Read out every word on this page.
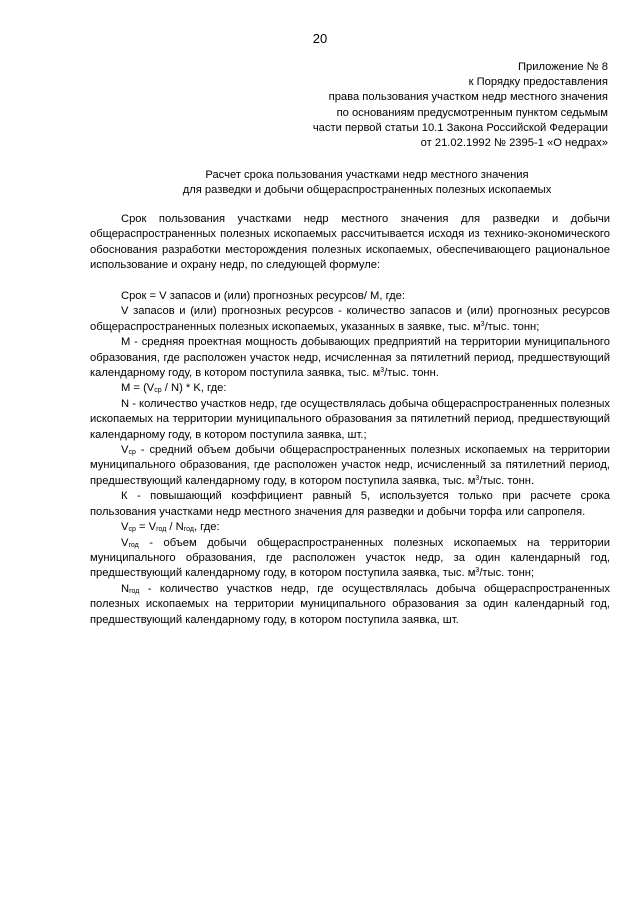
20
Приложение № 8
к Порядку предоставления
права пользования участком недр местного значения
по основаниям предусмотренным пунктом седьмым
части первой статьи 10.1 Закона Российской Федерации
от 21.02.1992 № 2395-1 «О недрах»
Расчет срока пользования участками недр местного значения
для разведки и добычи общераспространенных полезных ископаемых

Срок пользования участками недр местного значения для разведки и добычи общераспространенных полезных ископаемых рассчитывается исходя из технико-экономического обоснования разработки месторождения полезных ископаемых, обеспечивающего рациональное использование и охрану недр, по следующей формуле:

Срок = V запасов и (или) прогнозных ресурсов/ М, где:

V запасов и (или) прогнозных ресурсов - количество запасов и (или) прогнозных ресурсов общераспространенных полезных ископаемых, указанных в заявке, тыс. $м^3$/тыс. тонн;

М - средняя проектная мощность добывающих предприятий на территории муниципального образования, где расположен участок недр, исчисленная за пятилетний период, предшествующий календарному году, в котором поступила заявка, тыс. $м^3$/тыс. тонн.

$М = (V_{ср} / N) * K$, где:

N - количество участков недр, где осуществлялась добыча общераспространенных полезных ископаемых на территории муниципального образования за пятилетний период, предшествующий календарному году, в котором поступила заявка, шт.;

$V_{ср}$ - средний объем добычи общераспространенных полезных ископаемых на территории муниципального образования, где расположен участок недр, исчисленный за пятилетний период, предшествующий календарному году, в котором поступила заявка, тыс. $м^3$/тыс. тонн.

К - повышающий коэффициент равный 5, используется только при расчете срока пользования участками недр местного значения для разведки и добычи торфа или сапропеля.

$V_{ср} = V_{год} / N_{год}$, где:

$V_{год}$ - объем добычи общераспространенных полезных ископаемых на территории муниципального образования, где расположен участок недр, за один календарный год, предшествующий календарному году, в котором поступила заявка, тыс. $м^3$/тыс. тонн;

$N_{год}$ - количество участков недр, где осуществлялась добыча общераспространенных полезных ископаемых на территории муниципального образования за один календарный год, предшествующий календарному году, в котором поступила заявка, шт.
